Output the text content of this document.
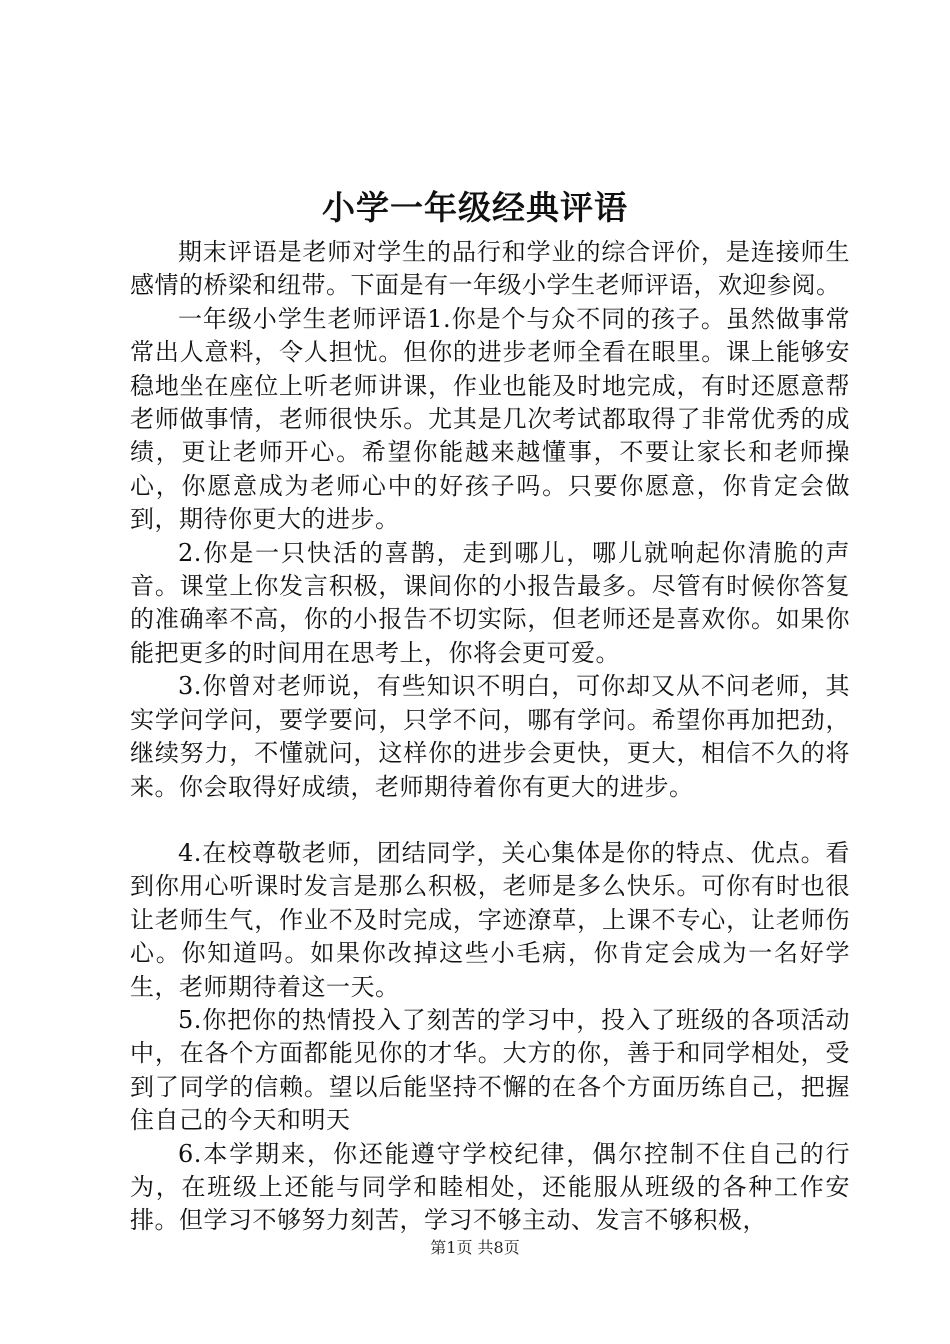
小学一年级经典评语

期末评语是老师对学生的品行和学业的综合评价，是连接师生感情的桥梁和纽带。下面是有一年级小学生老师评语，欢迎参阅。

一年级小学生老师评语1.你是个与众不同的孩子。虽然做事常常出人意料，令人担忧。但你的进步老师全看在眼里。课上能够安稳地坐在座位上听老师讲课，作业也能及时地完成，有时还愿意帮老师做事情，老师很快乐。尤其是几次考试都取得了非常优秀的成绩，更让老师开心。希望你能越来越懂事，不要让家长和老师操心，你愿意成为老师心中的好孩子吗。只要你愿意，你肯定会做到，期待你更大的进步。

2.你是一只快活的喜鹊，走到哪儿，哪儿就响起你清脆的声音。课堂上你发言积极，课间你的小报告最多。尽管有时候你答复的准确率不高，你的小报告不切实际，但老师还是喜欢你。如果你能把更多的时间用在思考上，你将会更可爱。

3.你曾对老师说，有些知识不明白，可你却又从不问老师，其实学问学问，要学要问，只学不问，哪有学问。希望你再加把劲，继续努力，不懂就问，这样你的进步会更快，更大，相信不久的将来。你会取得好成绩，老师期待着你有更大的进步。

4.在校尊敬老师，团结同学，关心集体是你的特点、优点。看到你用心听课时发言是那么积极，老师是多么快乐。可你有时也很让老师生气，作业不及时完成，字迹潦草，上课不专心，让老师伤心。你知道吗。如果你改掉这些小毛病，你肯定会成为一名好学生，老师期待着这一天。

5.你把你的热情投入了刻苦的学习中，投入了班级的各项活动中，在各个方面都能见你的才华。大方的你，善于和同学相处，受到了同学的信赖。望以后能坚持不懈的在各个方面历练自己，把握住自己的今天和明天

6.本学期来，你还能遵守学校纪律，偶尔控制不住自己的行为，在班级上还能与同学和睦相处，还能服从班级的各种工作安排。但学习不够努力刻苦，学习不够主动、发言不够积极，

第1页 共8页
